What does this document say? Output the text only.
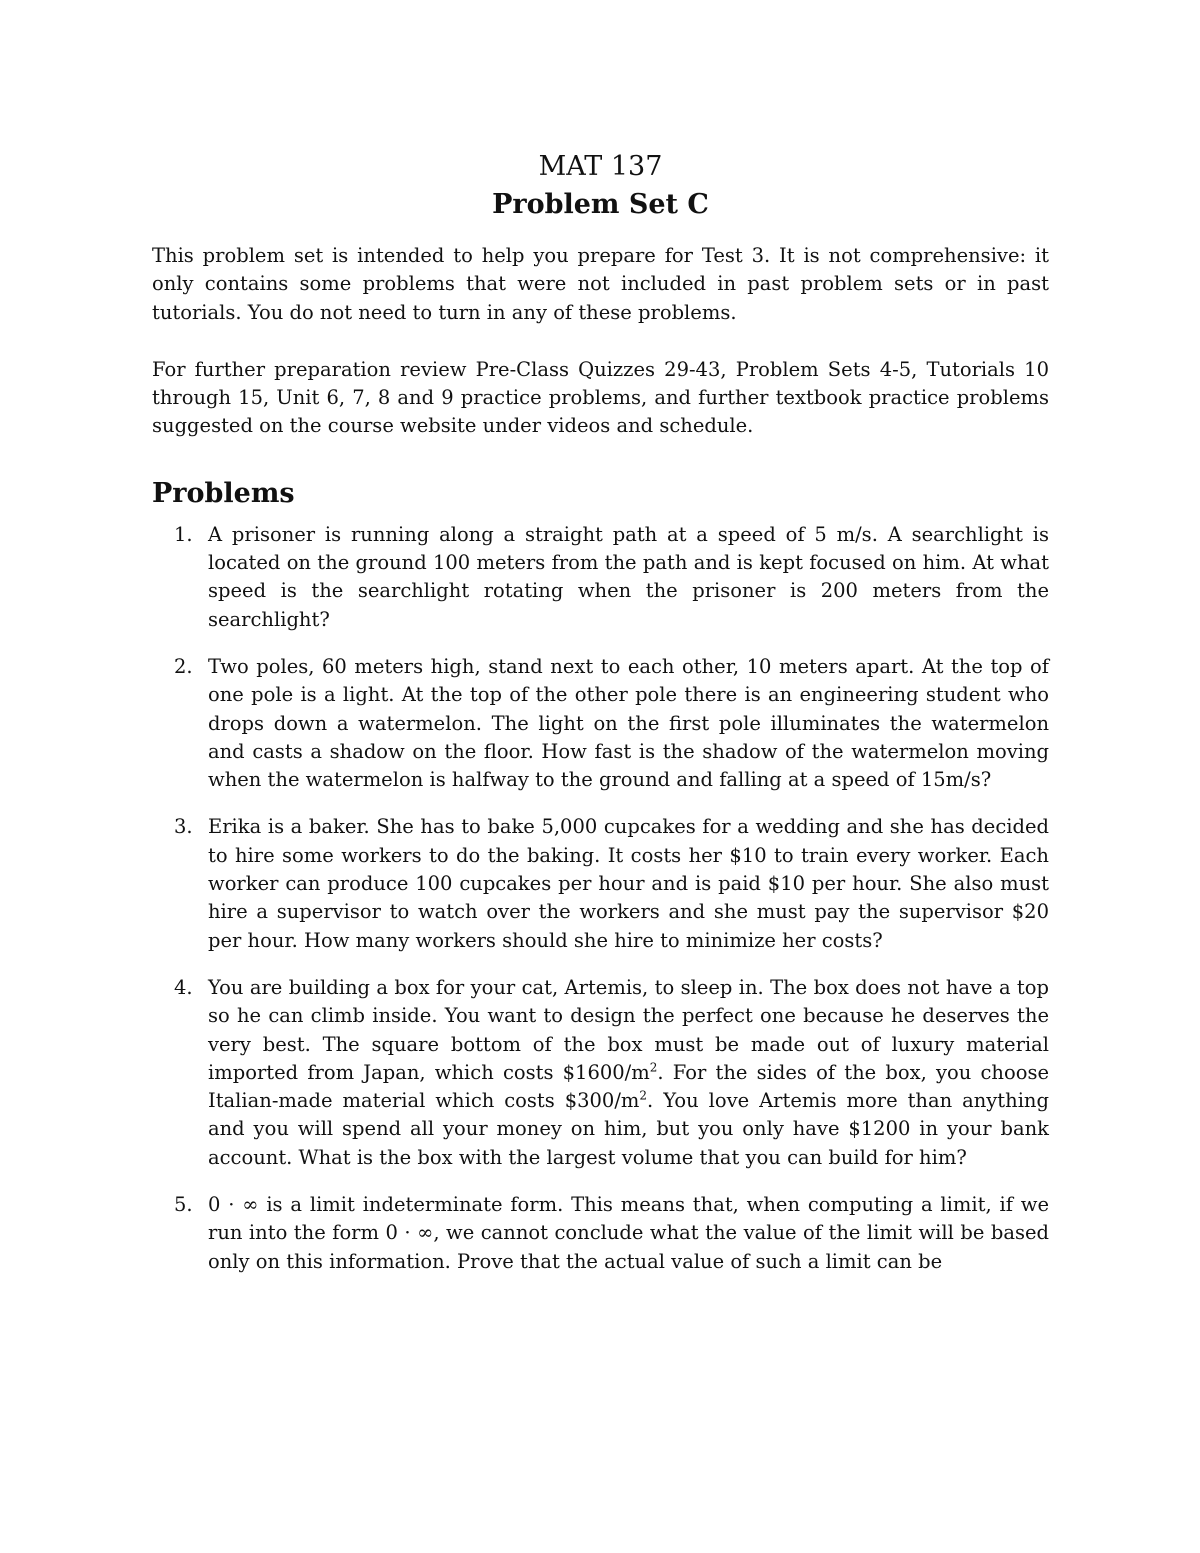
MAT 137
Problem Set C

This problem set is intended to help you prepare for Test 3. It is not comprehensive: it only contains some problems that were not included in past problem sets or in past tutorials. You do not need to turn in any of these problems.

For further preparation review Pre-Class Quizzes 29-43, Problem Sets 4-5, Tutorials 10 through 15, Unit 6, 7, 8 and 9 practice problems, and further textbook practice problems suggested on the course website under videos and schedule.

Problems
1. A prisoner is running along a straight path at a speed of 5 m/s. A searchlight is located on the ground 100 meters from the path and is kept focused on him. At what speed is the searchlight rotating when the prisoner is 200 meters from the searchlight?

2. Two poles, 60 meters high, stand next to each other, 10 meters apart. At the top of one pole is a light. At the top of the other pole there is an engineering student who drops down a watermelon. The light on the first pole illuminates the watermelon and casts a shadow on the floor. How fast is the shadow of the watermelon moving when the watermelon is halfway to the ground and falling at a speed of 15m/s?

3. Erika is a baker. She has to bake 5,000 cupcakes for a wedding and she has decided to hire some workers to do the baking. It costs her $10 to train every worker. Each worker can produce 100 cupcakes per hour and is paid $10 per hour. She also must hire a supervisor to watch over the workers and she must pay the supervisor $20 per hour. How many workers should she hire to minimize her costs?

4. You are building a box for your cat, Artemis, to sleep in. The box does not have a top so he can climb inside. You want to design the perfect one because he deserves the very best. The square bottom of the box must be made out of luxury material imported from Japan, which costs $\$1600/m^2$. For the sides of the box, you choose Italian-made material which costs $\$300/m^2$. You love Artemis more than anything and you will spend all your money on him, but you only have $1200 in your bank account. What is the box with the largest volume that you can build for him?

5. 0 · ∞ is a limit indeterminate form. This means that, when computing a limit, if we run into the form 0 · ∞, we cannot conclude what the value of the limit will be based only on this information. Prove that the actual value of such a limit can be
